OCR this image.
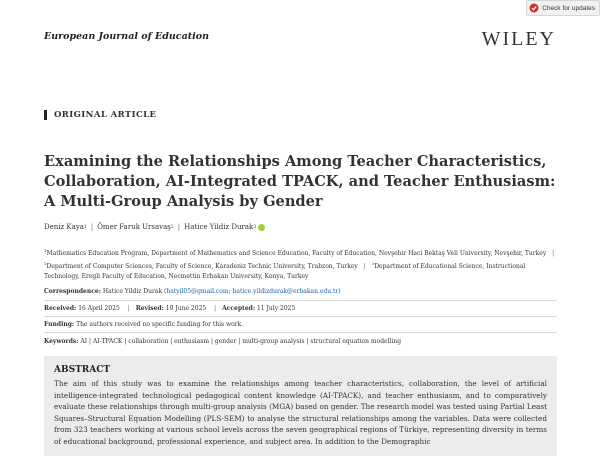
Check for updates
European Journal of Education	WILEY
ORIGINAL ARTICLE
Examining the Relationships Among Teacher Characteristics, Collaboration, AI-Integrated TPACK, and Teacher Enthusiasm: A Multi-Group Analysis by Gender
Deniz Kaya 1 | Ömer Faruk Ursavaş 2 | Hatice Yildiz Durak 3
$^1$Mathematics Education Program, Department of Mathematics and Science Education, Faculty of Education, Nevşehir Haci Bektaş Veli University, Nevşehir, Turkey | $^2$Department of Computer Sciences, Faculty of Science, Karadeniz Technic University, Trabzon, Turkey | $^3$Department of Educational Science, Instructional Technology, Eregli Faculty of Education, Necmettin Erbakan University, Konya, Turkey
Correspondence: Hatice Yildiz Durak (hatyil05@gmail.com; hatice.yildizdurak@erbakan.edu.tr)
Received: 16 April 2025 | Revised: 19 June 2025 | Accepted: 11 July 2025
Funding: The authors received no specific funding for this work.
Keywords: AI | AI-TPACK | collaboration | enthusiasm | gender | multi-group analysis | structural equation modelling
ABSTRACT

The aim of this study was to examine the relationships among teacher characteristics, collaboration, the level of artificial intelligence-integrated technological pedagogical content knowledge (AI-TPACK), and teacher enthusiasm, and to comparatively evaluate these relationships through multi-group analysis (MGA) based on gender. The research model was tested using Partial Least Squares–Structural Equation Modelling (PLS-SEM) to analyse the structural relationships among the variables. Data were collected from 323 teachers working at various school levels across the seven geographical regions of Türkiye, representing diversity in terms of educational background, professional experience, and subject area. In addition to the Demographic
